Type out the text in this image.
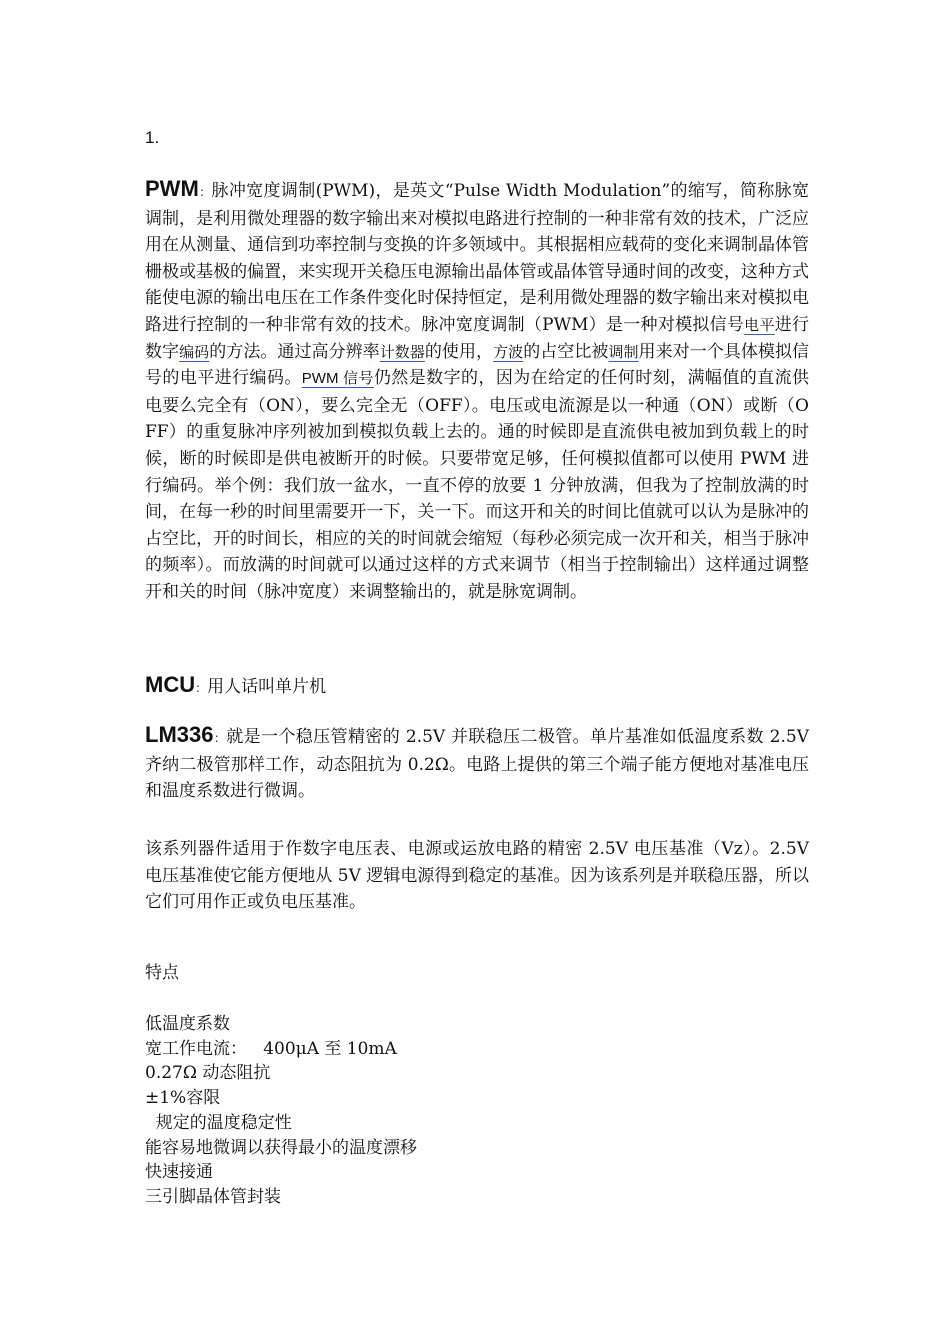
1.
PWM：脉冲宽度调制(PWM)，是英文“Pulse Width Modulation”的缩写，简称脉宽调制，是利用微处理器的数字输出来对模拟电路进行控制的一种非常有效的技术，广泛应用在从测量、通信到功率控制与变换的许多领域中。其根据相应载荷的变化来调制晶体管栅极或基极的偏置，来实现开关稳压电源输出晶体管或晶体管导通时间的改变，这种方式能使电源的输出电压在工作条件变化时保持恒定，是利用微处理器的数字输出来对模拟电路进行控制的一种非常有效的技术。脉冲宽度调制（PWM）是一种对模拟信号电平进行数字编码的方法。通过高分辨率计数器的使用，方波的占空比被调制用来对一个具体模拟信号的电平进行编码。PWM 信号仍然是数字的，因为在给定的任何时刻，满幅值的直流供电要么完全有（ON），要么完全无（OFF）。电压或电流源是以一种通（ON）或断（OFF）的重复脉冲序列被加到模拟负载上去的。通的时候即是直流供电被加到负载上的时候，断的时候即是供电被断开的时候。只要带宽足够，任何模拟值都可以使用 PWM 进行编码。举个例：我们放一盆水，一直不停的放要 1 分钟放满，但我为了控制放满的时间，在每一秒的时间里需要开一下，关一下。而这开和关的时间比值就可以认为是脉冲的占空比，开的时间长，相应的关的时间就会缩短（每秒必须完成一次开和关，相当于脉冲的频率）。而放满的时间就可以通过这样的方式来调节（相当于控制输出）这样通过调整开和关的时间（脉冲宽度）来调整输出的，就是脉宽调制。
MCU：用人话叫单片机
LM336：就是一个稳压管精密的 2.5V 并联稳压二极管。单片基准如低温度系数 2.5V 齐纳二极管那样工作，动态阻抗为 0.2Ω。电路上提供的第三个端子能方便地对基准电压和温度系数进行微调。
该系列器件适用于作数字电压表、电源或运放电路的精密 2.5V 电压基准（Vz）。2.5V 电压基准使它能方便地从 5V 逻辑电源得到稳定的基准。因为该系列是并联稳压器，所以它们可用作正或负电压基准。
特点
低温度系数
宽工作电流：   400μA 至 10mA
0.27Ω 动态阻抗
±1%容限
规定的温度稳定性
能容易地微调以获得最小的温度漂移
快速接通
三引脚晶体管封装
